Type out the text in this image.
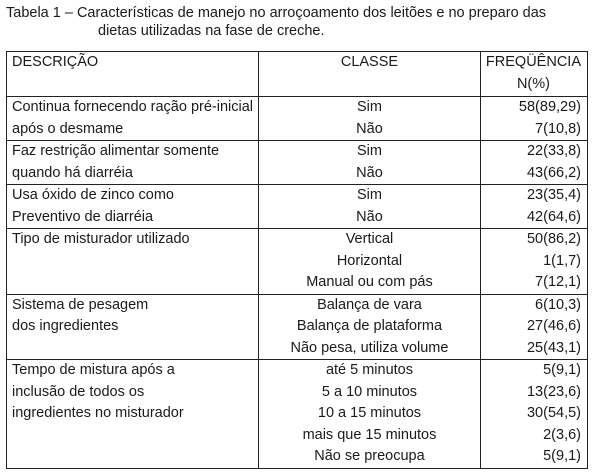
Tabela 1 – Características de manejo no arroçoamento dos leitões e no preparo das
dietas utilizadas na fase de creche.
DESCRIÇÃO	CLASSE	FREQÜÊNCIA
		N(%)
Continua fornecendo ração pré-inicial	Sim	58(89,29)
após o desmame	Não	7(10,8)
Faz restrição alimentar somente	Sim	22(33,8)
quando há diarréia	Não	43(66,2)
Usa óxido de zinco como	Sim	23(35,4)
Preventivo de diarréia	Não	42(64,6)
Tipo de misturador utilizado	Vertical	50(86,2)
	Horizontal	1(1,7)
	Manual ou com pás	7(12,1)
Sistema de pesagem	Balança de vara	6(10,3)
dos ingredientes	Balança de plataforma	27(46,6)
	Não pesa, utiliza volume	25(43,1)
Tempo de mistura após a	até 5 minutos	5(9,1)
inclusão de todos os	5 a 10 minutos	13(23,6)
ingredientes no misturador	10 a 15 minutos	30(54,5)
	mais que 15 minutos	2(3,6)
	Não se preocupa	5(9,1)
